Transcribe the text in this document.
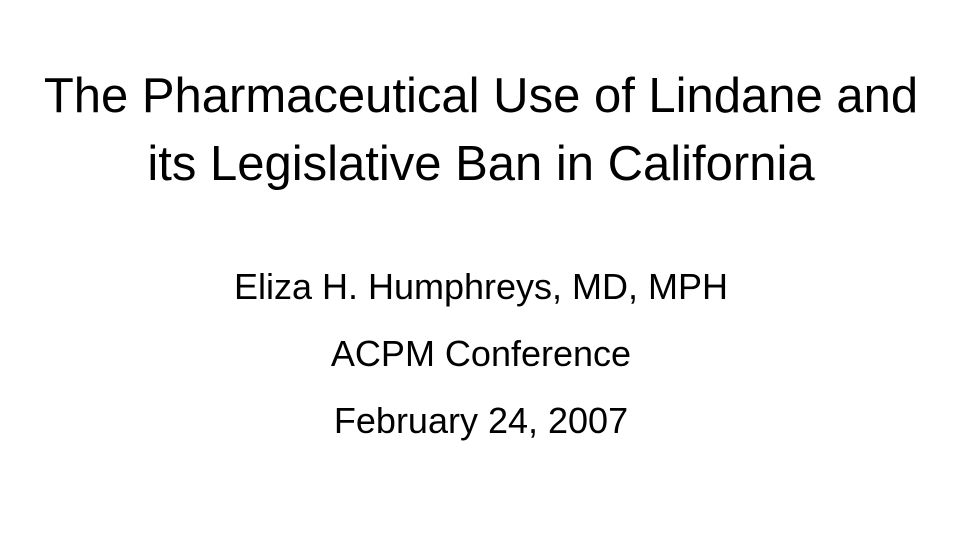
The Pharmaceutical Use of Lindane and its Legislative Ban in California
Eliza H. Humphreys, MD, MPH
ACPM Conference
February 24, 2007
